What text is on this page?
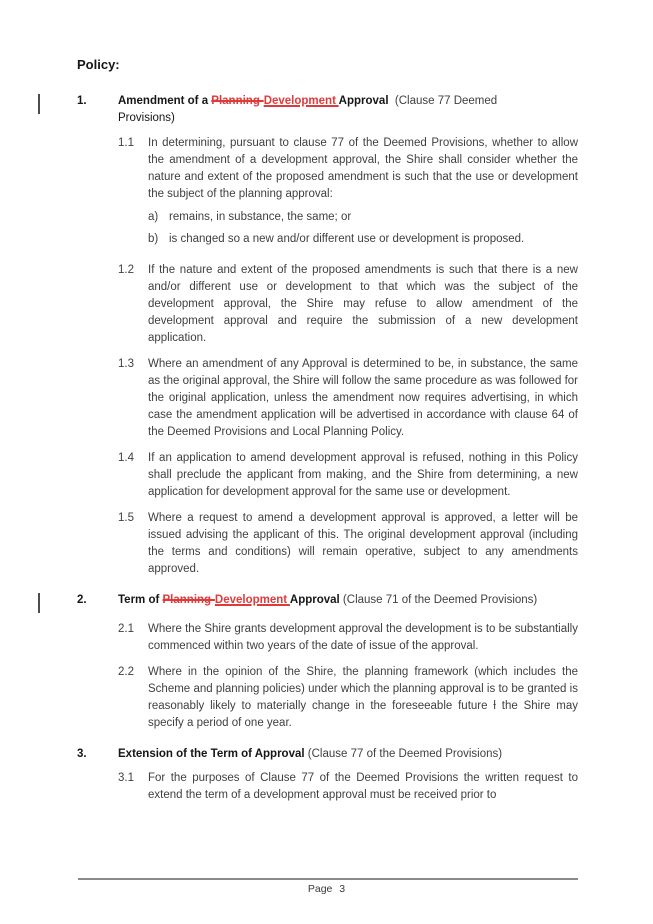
Policy:
1.	Amendment of a Planning-Development Approval  (Clause 77 Deemed
Provisions)
1.1	In determining, pursuant to clause 77 of the Deemed Provisions, whether to allow the amendment of a development approval, the Shire shall consider whether the nature and extent of the proposed amendment is such that the use or development the subject of the planning approval:
a) remains, in substance, the same; or
b) is changed so a new and/or different use or development is proposed.
1.2	If the nature and extent of the proposed amendments is such that there is a new and/or different use or development to that which was the subject of the development approval, the Shire may refuse to allow amendment of the development approval and require the submission of a new development application.
1.3	Where an amendment of any Approval is determined to be, in substance, the same as the original approval, the Shire will follow the same procedure as was followed for the original application, unless the amendment now requires advertising, in which case the amendment application will be advertised in accordance with clause 64 of the Deemed Provisions and Local Planning Policy.
1.4	If an application to amend development approval is refused, nothing in this Policy shall preclude the applicant from making, and the Shire from determining, a new application for development approval for the same use or development.
1.5	Where a request to amend a development approval is approved, a letter will be issued advising the applicant of this. The original development approval (including the terms and conditions) will remain operative, subject to any amendments approved.
2.	Term of Planning-Development Approval (Clause 71 of the Deemed Provisions)
2.1	Where the Shire grants development approval the development is to be substantially commenced within two years of the date of issue of the approval.
2.2	Where in the opinion of the Shire, the planning framework (which includes the Scheme and planning policies) under which the planning approval is to be granted is reasonably likely to materially change in the foreseeable future ƚ the Shire may specify a period of one year.
3.	Extension of the Term of Approval (Clause 77 of the Deemed Provisions)
3.1	For the purposes of Clause 77 of the Deemed Provisions the written request to extend the term of a development approval must be received prior to
Page 3
